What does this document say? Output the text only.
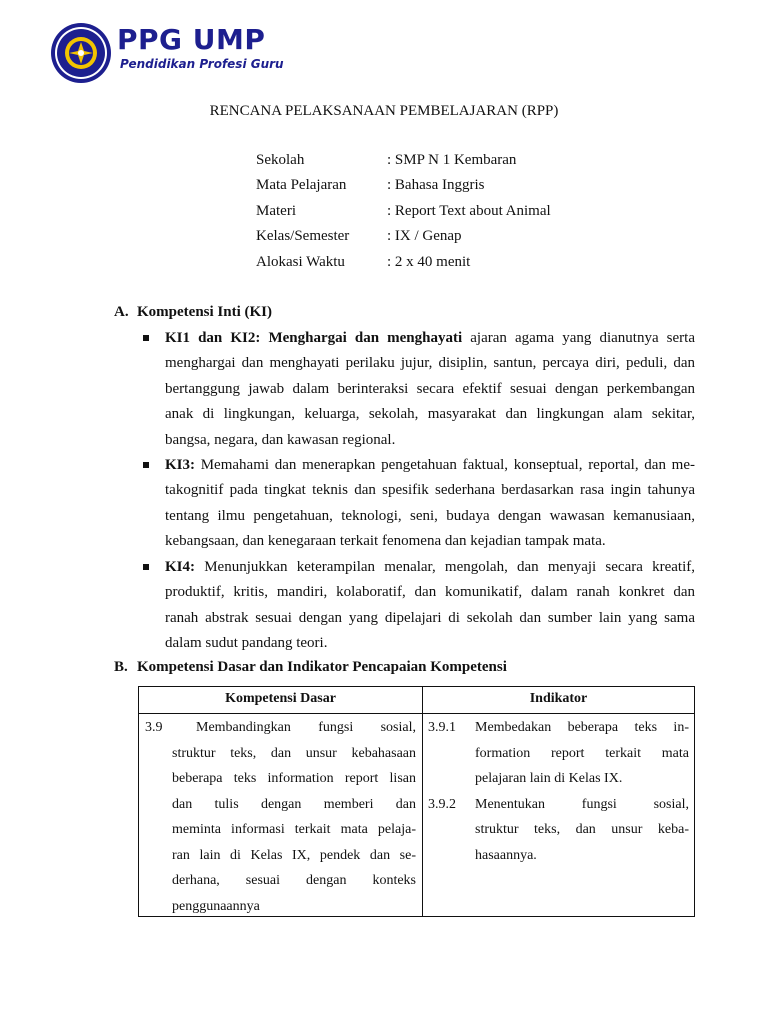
PPG UMP
Pendidikan Profesi Guru
RENCANA PELAKSANAAN PEMBELAJARAN (RPP)
Sekolah	: SMP N 1 Kembaran
Mata Pelajaran	: Bahasa Inggris
Materi	: Report Text about Animal
Kelas/Semester	: IX / Genap
Alokasi Waktu	: 2 x 40 menit
A. Kompetensi Inti (KI)
KI1 dan KI2: Menghargai dan menghayati ajaran agama yang dianutnya serta
menghargai dan menghayati perilaku jujur, disiplin, santun, percaya diri, peduli, dan
bertanggung jawab dalam berinteraksi secara efektif sesuai dengan perkembangan
anak di lingkungan, keluarga, sekolah, masyarakat dan lingkungan alam sekitar,
bangsa, negara, dan kawasan regional.
KI3: Memahami dan menerapkan pengetahuan faktual, konseptual, reportal, dan me-
takognitif pada tingkat teknis dan spesifik sederhana berdasarkan rasa ingin tahunya
tentang ilmu pengetahuan, teknologi, seni, budaya dengan wawasan kemanusiaan,
kebangsaan, dan kenegaraan terkait fenomena dan kejadian tampak mata.
KI4: Menunjukkan keterampilan menalar, mengolah, dan menyaji secara kreatif,
produktif, kritis, mandiri, kolaboratif, dan komunikatif, dalam ranah konkret dan
ranah abstrak sesuai dengan yang dipelajari di sekolah dan sumber lain yang sama
dalam sudut pandang teori.
B. Kompetensi Dasar dan Indikator Pencapaian Kompetensi
Kompetensi Dasar	Indikator
3.9	Membandingkan fungsi sosial,
struktur teks, dan unsur kebahasaan
beberapa teks information report lisan
dan tulis dengan memberi dan
meminta informasi terkait mata pelaja-
ran lain di Kelas IX, pendek dan se-
derhana, sesuai dengan konteks
penggunaannya
3.9.1	Membedakan beberapa teks in-
formation report terkait mata
pelajaran lain di Kelas IX.
3.9.2	Menentukan fungsi sosial,
struktur teks, dan unsur keba-
hasaannya.
